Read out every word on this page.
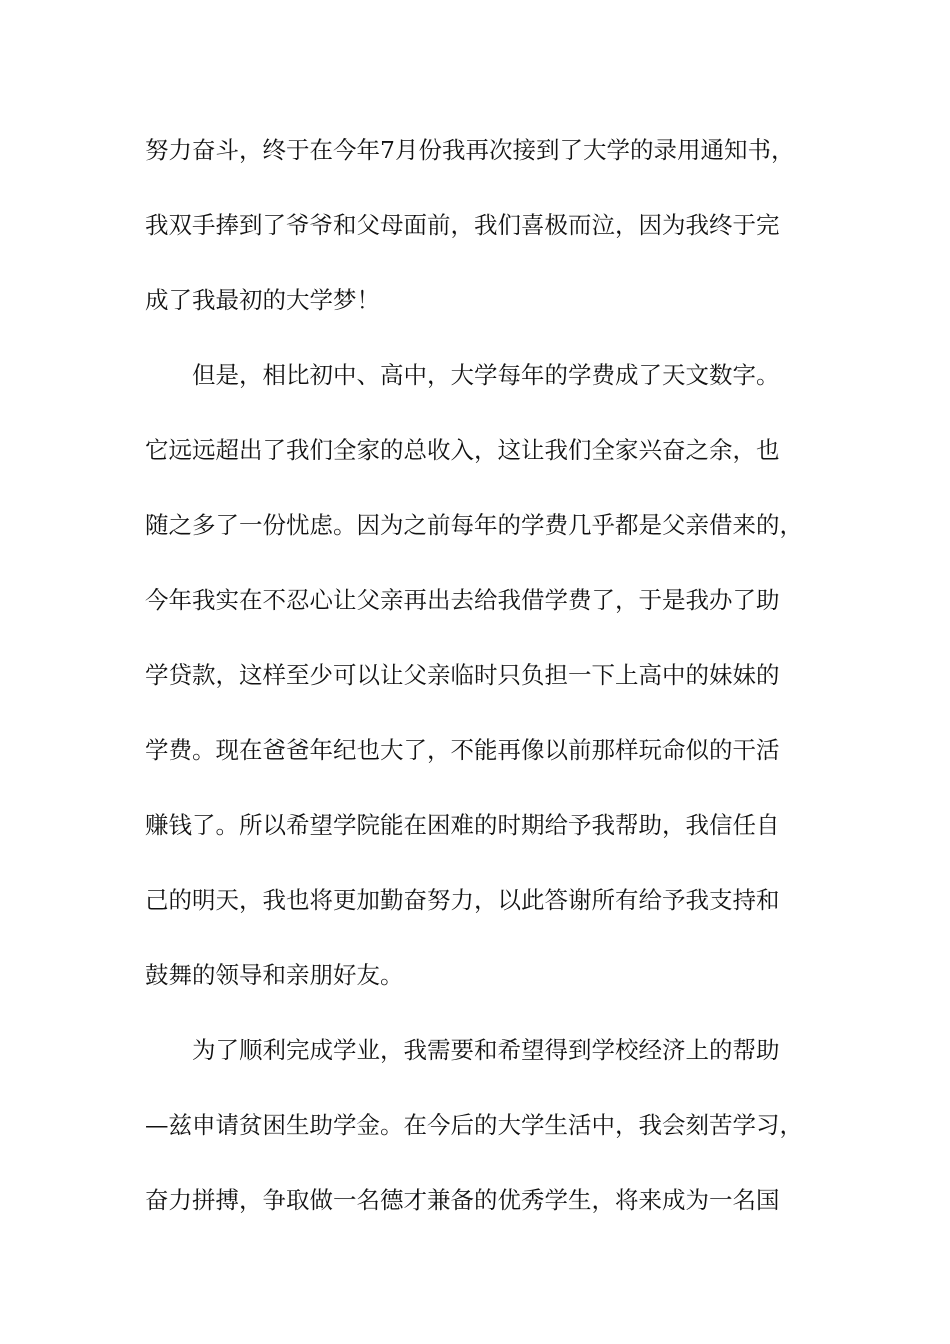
努力奋斗，终于在今年7月份我再次接到了大学的录用通知书，
我双手捧到了爷爷和父母面前，我们喜极而泣，因为我终于完
成了我最初的大学梦！
但是，相比初中、高中，大学每年的学费成了天文数字。
它远远超出了我们全家的总收入，这让我们全家兴奋之余，也
随之多了一份忧虑。因为之前每年的学费几乎都是父亲借来的，
今年我实在不忍心让父亲再出去给我借学费了，于是我办了助
学贷款，这样至少可以让父亲临时只负担一下上高中的妹妹的
学费。现在爸爸年纪也大了，不能再像以前那样玩命似的干活
赚钱了。所以希望学院能在困难的时期给予我帮助，我信任自
己的明天，我也将更加勤奋努力，以此答谢所有给予我支持和
鼓舞的领导和亲朋好友。
为了顺利完成学业，我需要和希望得到学校经济上的帮助
—兹申请贫困生助学金。在今后的大学生活中，我会刻苦学习，
奋力拼搏，争取做一名德才兼备的优秀学生，将来成为一名国
